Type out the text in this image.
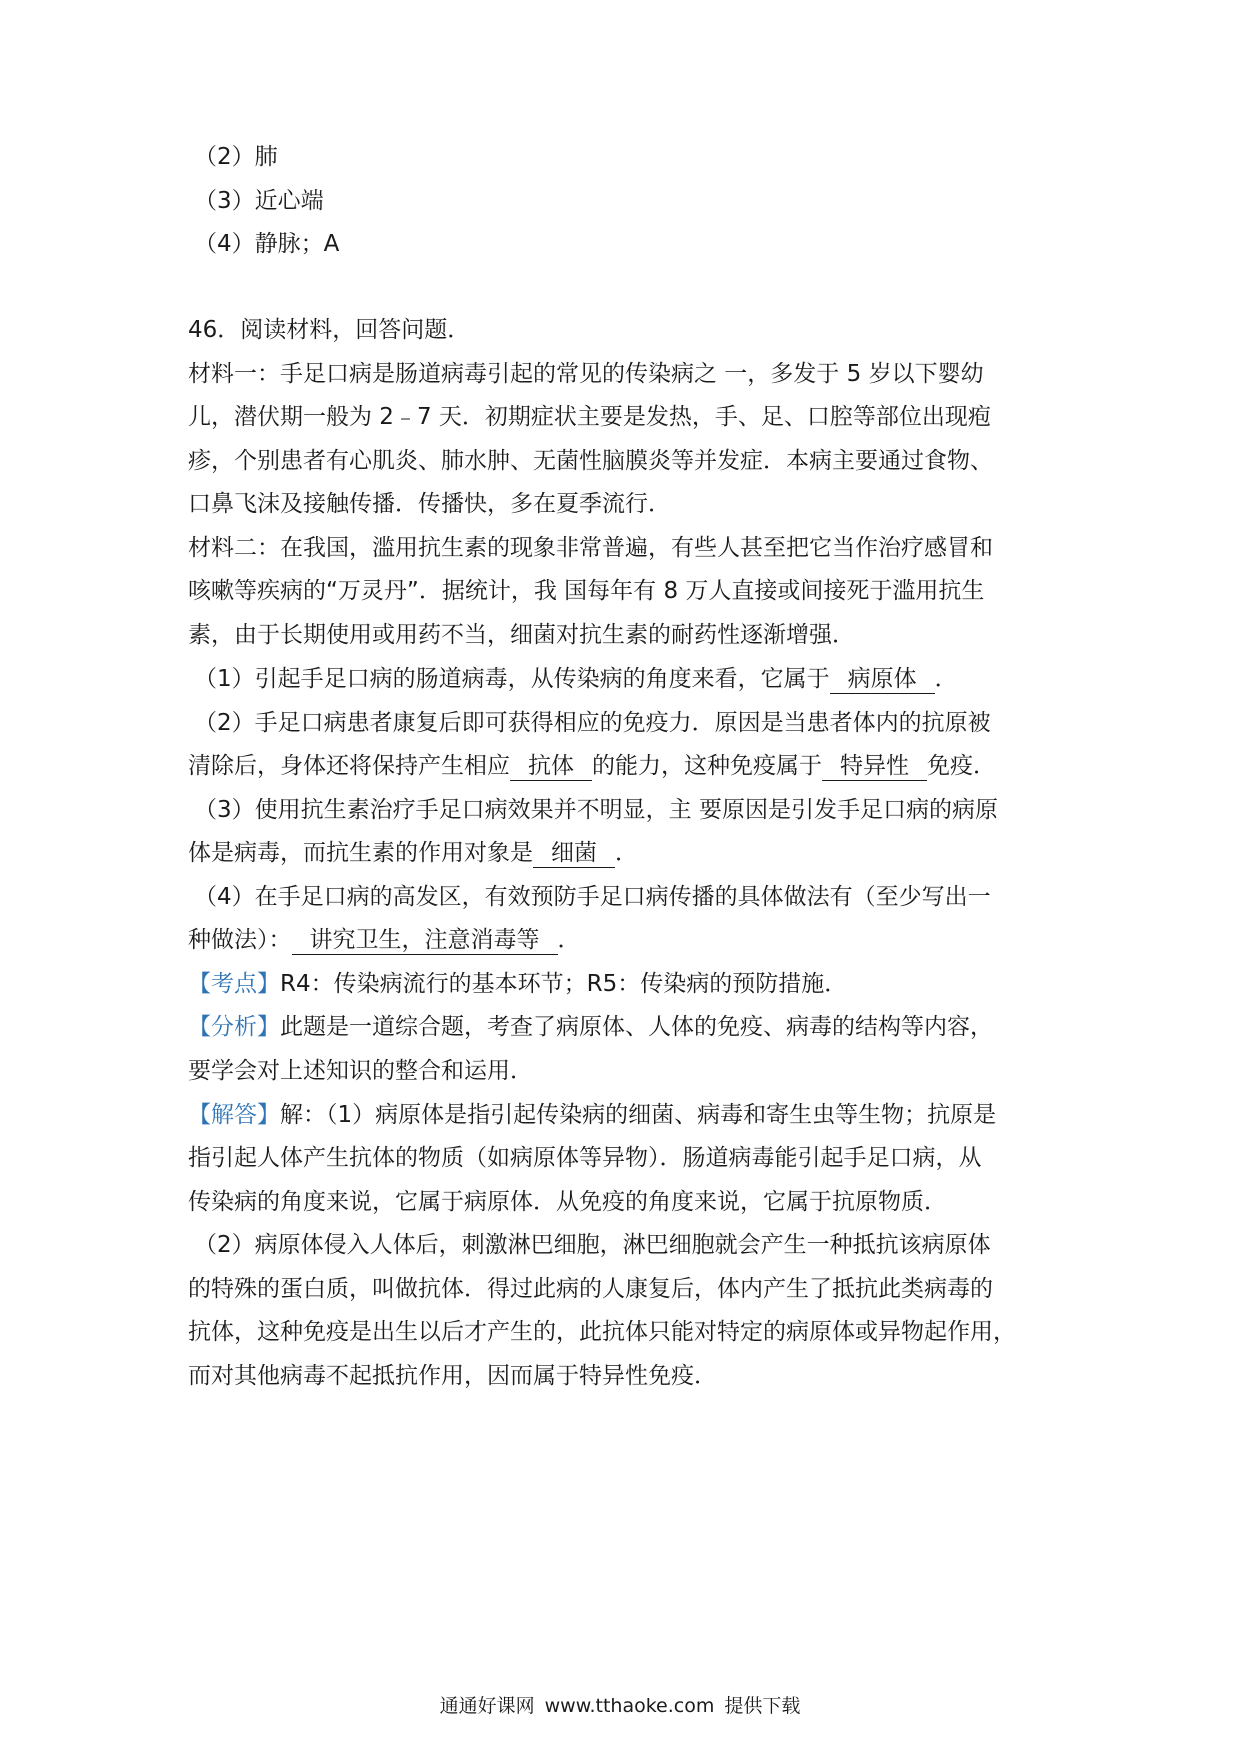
（2）肺
（3）近心端
（4）静脉；A
46．阅读材料，回答问题．
材料一：手足口病是肠道病毒引起的常见的传染病之 一，多发于 5 岁以下婴幼
儿，潜伏期一般为 2﹣7 天．初期症状主要是发热，手、足、口腔等部位出现疱
疹，个别患者有心肌炎、肺水肿、无菌性脑膜炎等并发症．本病主要通过食物、
口鼻飞沫及接触传播．传播快，多在夏季流行．
材料二：在我国，滥用抗生素的现象非常普遍，有些人甚至把它当作治疗感冒和
咳嗽等疾病的“万灵丹”．据统计，我 国每年有 8 万人直接或间接死于滥用抗生
素，由于长期使用或用药不当，细菌对抗生素的耐药性逐渐增强．
（1）引起手足口病的肠道病毒，从传染病的角度来看，它属于 病原体 ．
（2）手足口病患者康复后即可获得相应的免疫力．原因是当患者体内的抗原被
清除后，身体还将保持产生相应 抗体 的能力，这种免疫属于 特异性 免疫．
（3）使用抗生素治疗手足口病效果并不明显，主 要原因是引发手足口病的病原
体是病毒，而抗生素的作用对象是 细菌 ．
（4）在手足口病的高发区，有效预防手足口病传播的具体做法有（至少写出一
种做法）： 讲究卫生，注意消毒等 ．
【考点】R4：传染病流行的基本环节；R5：传染病的预防措施．
【分析】此题是一道综合题，考查了病原体、人体的免疫、病毒的结构等内容，
要学会对上述知识的整合和运用．
【解答】解：（1）病原体是指引起传染病的细菌、病毒和寄生虫等生物；抗原是
指引起人体产生抗体的物质（如病原体等异物）．肠道病毒能引起手足口病，从
传染病的角度来说，它属于病原体．从免疫的角度来说，它属于抗原物质．
（2）病原体侵入人体后，刺激淋巴细胞，淋巴细胞就会产生一种抵抗该病原体
的特殊的蛋白质，叫做抗体．得过此病的人康复后，体内产生了抵抗此类病毒的
抗体，这种免疫是出生以后才产生的，此抗体只能对特定的病原体或异物起作用，
而对其他病毒不起抵抗作用，因而属于特异性免疫．
通通好课网 www.tthaoke.com 提供下载
